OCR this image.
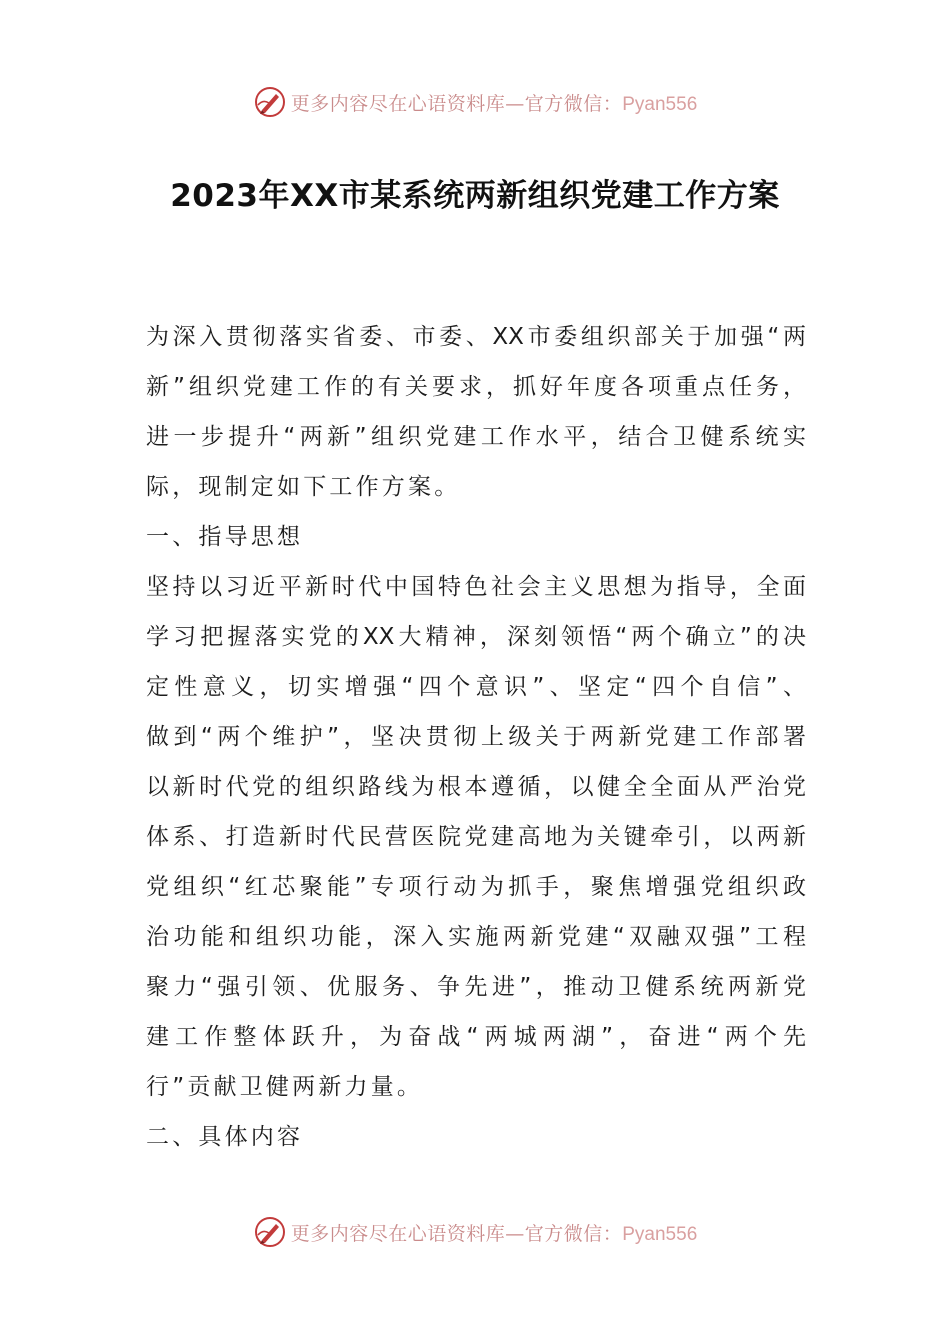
更多内容尽在心语资料库—官方微信：Pyan556
2023年XX市某系统两新组织党建工作方案
为深入贯彻落实省委、市委、XX市委组织部关于加强“两
新”组织党建工作的有关要求，抓好年度各项重点任务，
进一步提升“两新”组织党建工作水平，结合卫健系统实
际，现制定如下工作方案。
一、指导思想
坚持以习近平新时代中国特色社会主义思想为指导，全面
学习把握落实党的XX大精神，深刻领悟“两个确立”的决
定性意义，切实增强“四个意识”、坚定“四个自信”、
做到“两个维护”，坚决贯彻上级关于两新党建工作部署
以新时代党的组织路线为根本遵循，以健全全面从严治党
体系、打造新时代民营医院党建高地为关键牵引，以两新
党组织“红芯聚能”专项行动为抓手，聚焦增强党组织政
治功能和组织功能，深入实施两新党建“双融双强”工程
聚力“强引领、优服务、争先进”，推动卫健系统两新党
建工作整体跃升，为奋战“两城两湖”，奋进“两个先
行”贡献卫健两新力量。
二、具体内容
更多内容尽在心语资料库—官方微信：Pyan556
